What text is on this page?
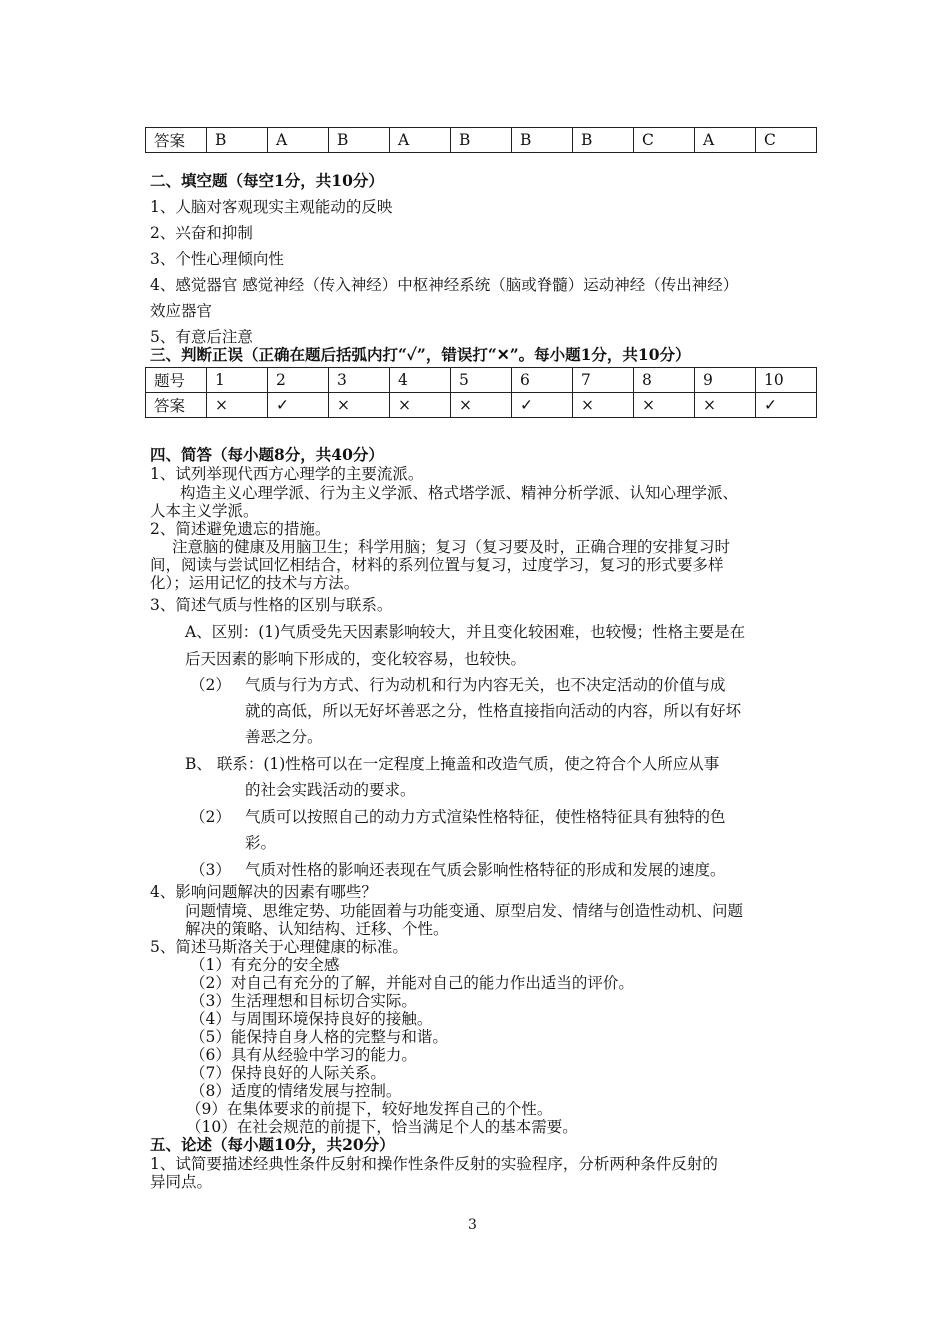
答案	B	A	B	A	B	B	B	C	A	C
二、填空题（每空1分，共10分）
1、人脑对客观现实主观能动的反映
2、兴奋和抑制
3、个性心理倾向性
4、感觉器官 感觉神经（传入神经）中枢神经系统（脑或脊髓）运动神经（传出神经）
效应器官
5、有意后注意
三、判断正误（正确在题后括弧内打“✓”，错误打“✕”。每小题1分，共10分）
题号	1	2	3	4	5	6	7	8	9	10
答案	×	✓	×	×	×	✓	×	×	×	✓
四、简答（每小题8分，共40分）
1、试列举现代西方心理学的主要流派。
构造主义心理学派、行为主义学派、格式塔学派、精神分析学派、认知心理学派、
人本主义学派。
2、简述避免遗忘的措施。
注意脑的健康及用脑卫生；科学用脑；复习（复习要及时，正确合理的安排复习时
间，阅读与尝试回忆相结合，材料的系列位置与复习，过度学习，复习的形式要多样
化）；运用记忆的技术与方法。
3、简述气质与性格的区别与联系。
A、区别：(1)气质受先天因素影响较大，并且变化较困难，也较慢；性格主要是在
后天因素的影响下形成的，变化较容易，也较快。
（2） 气质与行为方式、行为动机和行为内容无关，也不决定活动的价值与成
就的高低，所以无好坏善恶之分，性格直接指向活动的内容，所以有好坏
善恶之分。
B、 联系：(1)性格可以在一定程度上掩盖和改造气质，使之符合个人所应从事
的社会实践活动的要求。
（2） 气质可以按照自己的动力方式渲染性格特征，使性格特征具有独特的色
彩。
（3） 气质对性格的影响还表现在气质会影响性格特征的形成和发展的速度。
4、影响问题解决的因素有哪些？
问题情境、思维定势、功能固着与功能变通、原型启发、情绪与创造性动机、问题
解决的策略、认知结构、迁移、个性。
5、简述马斯洛关于心理健康的标准。
（1）有充分的安全感
（2）对自己有充分的了解，并能对自己的能力作出适当的评价。
（3）生活理想和目标切合实际。
（4）与周围环境保持良好的接触。
（5）能保持自身人格的完整与和谐。
（6）具有从经验中学习的能力。
（7）保持良好的人际关系。
（8）适度的情绪发展与控制。
（9）在集体要求的前提下，较好地发挥自己的个性。
（10）在社会规范的前提下，恰当满足个人的基本需要。
五、论述（每小题10分，共20分）
1、试简要描述经典性条件反射和操作性条件反射的实验程序，分析两种条件反射的
异同点。
3
